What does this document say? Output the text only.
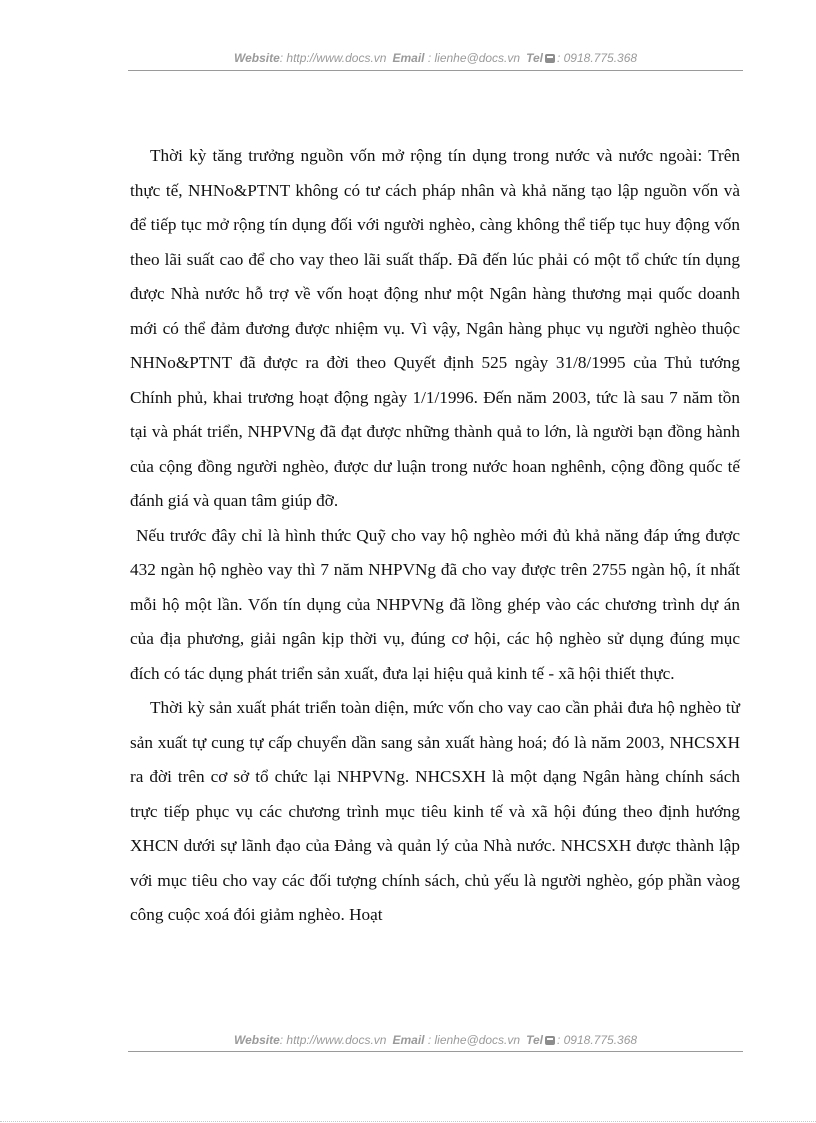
Website: http://www.docs.vn Email : lienhe@docs.vn Tel : 0918.775.368

Thời kỳ tăng trưởng nguồn vốn mở rộng tín dụng trong nước và nước ngoài: Trên thực tế, NHNo&PTNT không có tư cách pháp nhân và khả năng tạo lập nguồn vốn và để tiếp tục mở rộng tín dụng đối với người nghèo, càng không thể tiếp tục huy động vốn theo lãi suất cao để cho vay theo lãi suất thấp. Đã đến lúc phải có một tổ chức tín dụng được Nhà nước hỗ trợ về vốn hoạt động như một Ngân hàng thương mại quốc doanh mới có thể đảm đương được nhiệm vụ. Vì vậy, Ngân hàng phục vụ người nghèo thuộc NHNo&PTNT đã được ra đời theo Quyết định 525 ngày 31/8/1995 của Thủ tướng Chính phủ, khai trương hoạt động ngày 1/1/1996. Đến năm 2003, tức là sau 7 năm tồn tại và phát triển, NHPVNg đã đạt được những thành quả to lớn, là người bạn đồng hành của cộng đồng người nghèo, được dư luận trong nước hoan nghênh, cộng đồng quốc tế đánh giá và quan tâm giúp đỡ.

Nếu trước đây chỉ là hình thức Quỹ cho vay hộ nghèo mới đủ khả năng đáp ứng được 432 ngàn hộ nghèo vay thì 7 năm NHPVNg đã cho vay được trên 2755 ngàn hộ, ít nhất mỗi hộ một lần. Vốn tín dụng của NHPVNg đã lồng ghép vào các chương trình dự án của địa phương, giải ngân kịp thời vụ, đúng cơ hội, các hộ nghèo sử dụng đúng mục đích có tác dụng phát triển sản xuất, đưa lại hiệu quả kinh tế - xã hội thiết thực.

Thời kỳ sản xuất phát triển toàn diện, mức vốn cho vay cao cần phải đưa hộ nghèo từ sản xuất tự cung tự cấp chuyển dần sang sản xuất hàng hoá; đó là năm 2003, NHCSXH ra đời trên cơ sở tổ chức lại NHPVNg. NHCSXH là một dạng Ngân hàng chính sách trực tiếp phục vụ các chương trình mục tiêu kinh tế và xã hội đúng theo định hướng XHCN dưới sự lãnh đạo của Đảng và quản lý của Nhà nước. NHCSXH được thành lập với mục tiêu cho vay các đối tượng chính sách, chủ yếu là người nghèo, góp phần vàog công cuộc xoá đói giảm nghèo. Hoạt

Website: http://www.docs.vn Email : lienhe@docs.vn Tel : 0918.775.368
